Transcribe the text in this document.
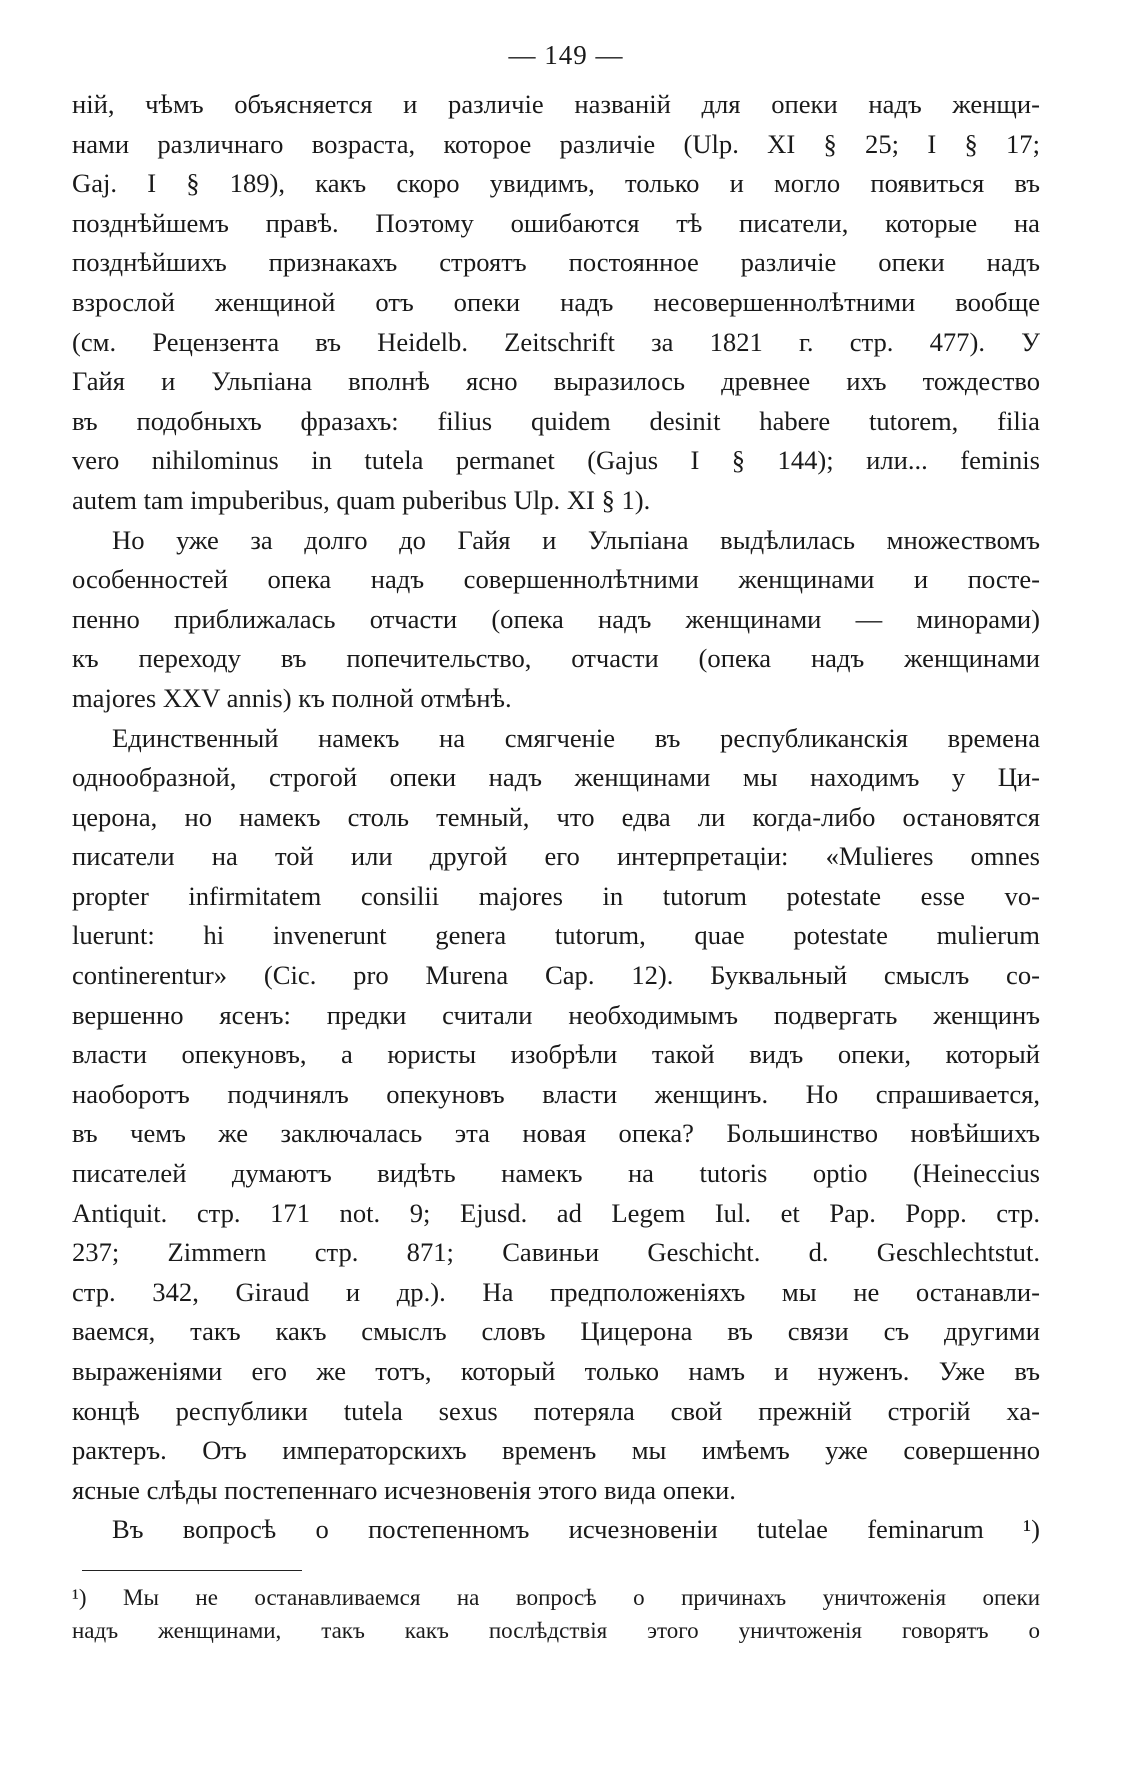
— 149 —

ній, чѣмъ объясняется и различіе названій для опеки надъ женщи-

нами различнаго возраста, которое различіе (Ulp. XI § 25; I § 17;

Gaj. I § 189), какъ скоро увидимъ, только и могло появиться въ

позднѣйшемъ правѣ. Поэтому ошибаются тѣ писатели, которые на

позднѣйшихъ признакахъ строятъ постоянное различіе опеки надъ

взрослой женщиной отъ опеки надъ несовершеннолѣтними вообще

(см. Рецензента въ Heidelb. Zeitschrift за 1821 г. стр. 477). У

Гайя и Ульпіана вполнѣ ясно выразилось древнее ихъ тождество

въ подобныхъ фразахъ: filius quidem desinit habere tutorem, filia

vero nihilominus in tutela permanet (Gajus I § 144); или... feminis

autem tam impuberibus, quam puberibus Ulp. XI § 1).

Но уже за долго до Гайя и Ульпіана выдѣлилась множествомъ

особенностей опека надъ совершеннолѣтними женщинами и посте-

пенно приближалась отчасти (опека надъ женщинами — минорами)

къ переходу въ попечительство, отчасти (опека надъ женщинами

majores XXV annis) къ полной отмѣнѣ.

Единственный намекъ на смягченіе въ республиканскія времена

однообразной, строгой опеки надъ женщинами мы находимъ у Ци-

церона, но намекъ столь темный, что едва ли когда-либо остановятся

писатели на той или другой его интерпретаціи: «Mulieres omnes

propter infirmitatem consilii majores in tutorum potestate esse vo-

luerunt: hi invenerunt genera tutorum, quae potestate mulierum

continerentur» (Cic. pro Murena Cap. 12). Буквальный смыслъ со-

вершенно ясенъ: предки считали необходимымъ подвергать женщинъ

власти опекуновъ, а юристы изобрѣли такой видъ опеки, который

наоборотъ подчинялъ опекуновъ власти женщинъ. Но спрашивается,

въ чемъ же заключалась эта новая опека? Большинство новѣйшихъ

писателей думаютъ видѣть намекъ на tutoris optio (Heineccius

Antiquit. стр. 171 not. 9; Ejusd. ad Legem Iul. et Pap. Popp. стр.

237; Zimmern стр. 871; Савиньи Geschicht. d. Geschlechtstut.

стр. 342, Giraud и др.). На предположеніяхъ мы не останавли-

ваемся, такъ какъ смыслъ словъ Цицерона въ связи съ другими

выраженіями его же тотъ, который только намъ и нуженъ. Уже въ

концѣ республики tutela sexus потеряла свой прежній строгій ха-

рактеръ. Отъ императорскихъ временъ мы имѣемъ уже совершенно

ясные слѣды постепеннаго исчезновенія этого вида опеки.

Въ вопросѣ о постепенномъ исчезновеніи tutelae feminarum ¹)

¹) Мы не останавливаемся на вопросѣ о причинахъ уничтоженія опеки
надъ женщинами, такъ какъ послѣдствія этого уничтоженія говорятъ о
